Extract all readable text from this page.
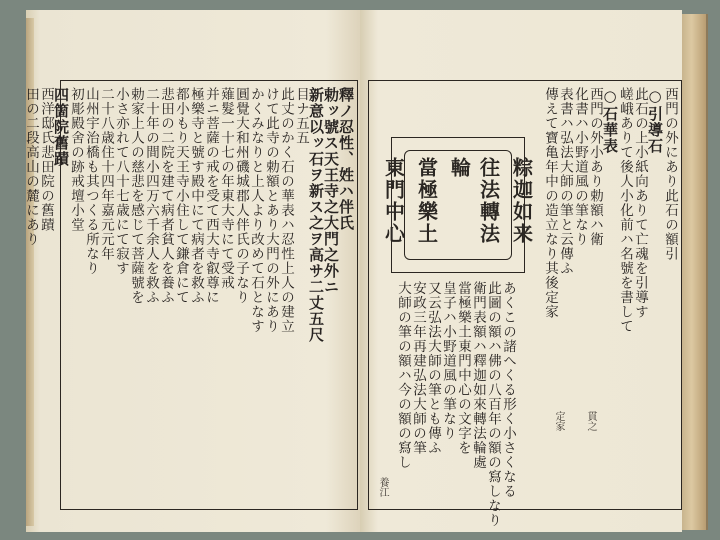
釋ノ忍性、姓ハ伴氏
勅ッ號ス天王寺之大門之外ニ
新意以ッ石ヲ新ス之ヲ高サ二丈五尺
目ナ五五
此丈のかく石の華表ハ忍性上人の建立
けて此寺の勅額とあり大門の外にあり
かくみなりと上人より改めて石となす
圓覺大和州磯城郡人伴氏の子なり
薙髮一十七の年東大寺にて受戒
并ニ菩薩の戒を受て西大寺叡尊に
極樂寺と號す殿中にて病者を救ふ
都小もり天王寺小住して鎌倉にて
悲田の二院を建て病者貧人を養ふ
二十年の間小四万六千余人を救ふ
勅家上人の慈悲を感じて菩薩號を
小さ亦れて八十七歳にて寂す
二十八歳住十四年嘉元元年
山州宇治橋も其つくる所なり
初彫殿舍の跡戒壇小堂
四箇院舊蹟
西洋邸氏悲田院の舊蹟
田の二段高山の麓にあり	西門の外にあり此石の額引
○引導石
此石の上小紙向ありて亡魂を引導す
嵯峨ありて後人小化前ハ名號を書して
○石華表
西門の外小あり勅額ハ衛
化書ハ小野道風の筆なり
表書ハ弘法大師の筆と云傳ふ
傳えて寶亀年中の造立なり其後定家
あくこの諸へくる形く小さくなる
此圖の額ハ佛の八百年の額の寫しなり
衛門表額ハ釋迦如來轉法輪處
當極樂土東門中心の文字を
皇子ハ小野道風の筆なり
又云弘法大師の筆とも傳ふ
安政三年再建弘法大師の筆
大師の筆の額ハ今の額の寫し
粽迦如来
往法轉法輪
當極樂土
東門中心
貫之
定家
養江
